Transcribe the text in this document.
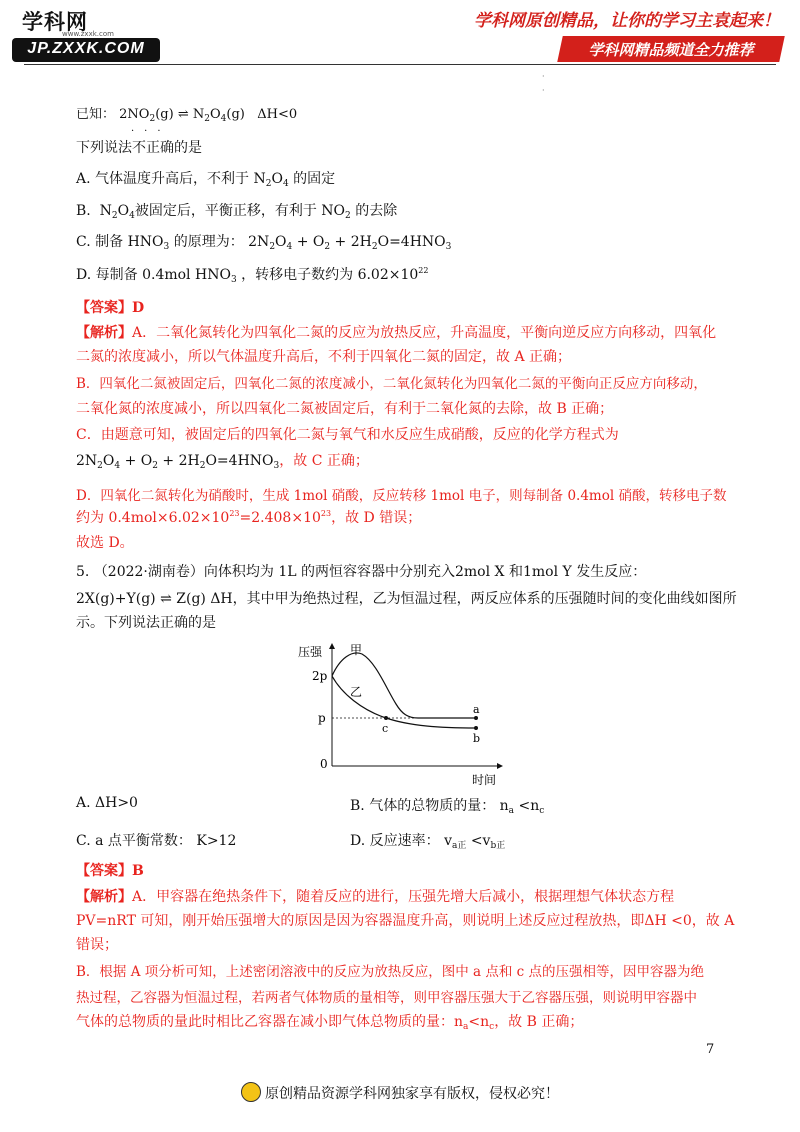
学科网
www.zxxk.com
JP.ZXXK.COM
学科网原创精品，让你的学习主袁起来！
学科网精品频道全力推荐
·
·
已知： $2NO_2(g)$ ⇌ $N_2O_4(g)$ ΔH<0
···
下列说法不正确的是
A. 气体温度升高后，不利于 $N_2O_4$ 的固定
B.  $N_2O_4$被固定后，平衡正移，有利于 $NO_2$ 的去除
C. 制备 $HNO_3$ 的原理为： $2N_2O_4 + O_2 + 2H_2O=4HNO_3$
D. 每制备 0.4mol $HNO_3$ ，转移电子数约为 $6.02\times 10^{22}$
【答案】D
【解析】A．二氧化氮转化为四氧化二氮的反应为放热反应，升高温度，平衡向逆反应方向移动，四氧化
二氮的浓度减小，所以气体温度升高后，不利于四氧化二氮的固定，故 A 正确；
B．四氧化二氮被固定后，四氧化二氮的浓度减小，二氧化氮转化为四氧化二氮的平衡向正反应方向移动，
二氧化氮的浓度减小，所以四氧化二氮被固定后，有利于二氧化氮的去除，故 B 正确；
C．由题意可知，被固定后的四氧化二氮与氧气和水反应生成硝酸，反应的化学方程式为
$2N_2O_4 + O_2 + 2H_2O=4HNO_3$，故 C 正确；
D．四氧化二氮转化为硝酸时，生成 1mol 硝酸，反应转移 1mol 电子，则每制备 0.4mol 硝酸，转移电子数
约为 $0.4mol\times 6.02\times 10^{23}=2.408\times 10^{23}$，故 D 错误；
故选 D。
5. （2022·湖南卷）向体积均为 1L 的两恒容容器中分别充入2mol X 和1mol Y 发生反应：
2X(g)+Y(g) ⇌ Z(g) ΔH，其中甲为绝热过程，乙为恒温过程，两反应体系的压强随时间的变化曲线如图所
示。下列说法正确的是
压强
时间
0
2p
p
甲
乙
a
b
c
A. ΔH>0	B. 气体的总物质的量： $n_a <n_c$
C. a 点平衡常数： K>12	D. 反应速率： $v_{a正} <v_{b正}$
【答案】B
【解析】A．甲容器在绝热条件下，随着反应的进行，压强先增大后减小，根据理想气体状态方程
PV=nRT 可知，刚开始压强增大的原因是因为容器温度升高，则说明上述反应过程放热，即ΔH <0，故 A
错误；
B．根据 A 项分析可知，上述密闭溶液中的反应为放热反应，图中 a 点和 c 点的压强相等，因甲容器为绝
热过程，乙容器为恒温过程，若两者气体物质的量相等，则甲容器压强大于乙容器压强，则说明甲容器中
气体的总物质的量此时相比乙容器在减小即气体总物质的量：$n_a<n_c$，故 B 正确；
7
原创精品资源学科网独家享有版权，侵权必究！
